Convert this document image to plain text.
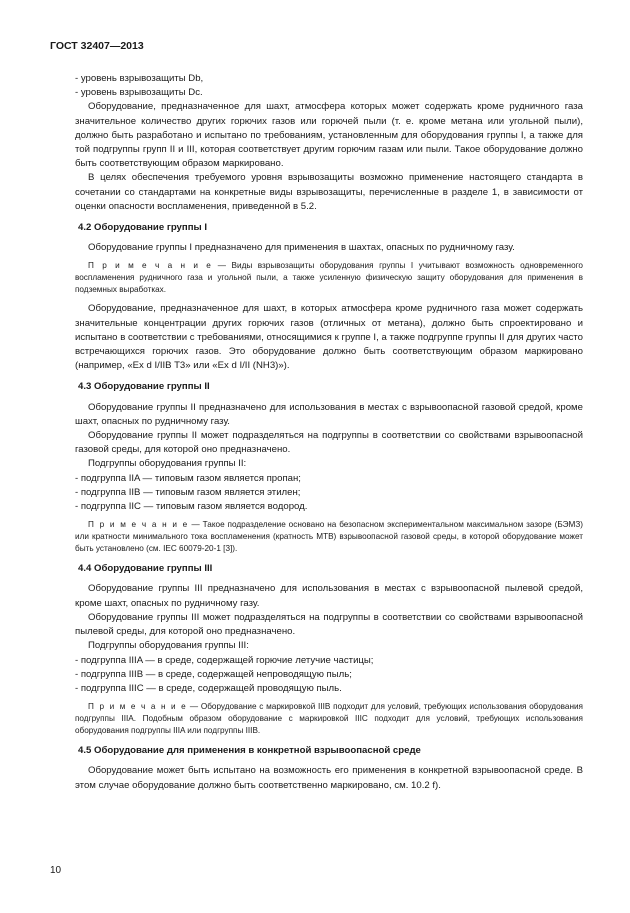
ГОСТ 32407—2013

- уровень взрывозащиты Db,

- уровень взрывозащиты Dc.

Оборудование, предназначенное для шахт, атмосфера которых может содержать кроме рудничного газа значительное количество других горючих газов или горючей пыли (т. е. кроме метана или угольной пыли), должно быть разработано и испытано по требованиям, установленным для оборудования группы I, а также для той подгруппы групп II и III, которая соответствует другим горючим газам или пыли. Такое оборудование должно быть соответствующим образом маркировано.

В целях обеспечения требуемого уровня взрывозащиты возможно применение настоящего стандарта в сочетании со стандартами на конкретные виды взрывозащиты, перечисленные в разделе 1, в зависимости от оценки опасности воспламенения, приведенной в 5.2.

4.2 Оборудование группы I

Оборудование группы I предназначено для применения в шахтах, опасных по рудничному газу.

П р и м е ч а н и е — Виды взрывозащиты оборудования группы I учитывают возможность одновременного воспламенения рудничного газа и угольной пыли, а также усиленную физическую защиту оборудования для применения в подземных выработках.

Оборудование, предназначенное для шахт, в которых атмосфера кроме рудничного газа может содержать значительные концентрации других горючих газов (отличных от метана), должно быть спроектировано и испытано в соответствии с требованиями, относящимися к группе I, а также подгруппе группы II для других часто встречающихся горючих газов. Это оборудование должно быть соответствующим образом маркировано (например, «Ex d I/IIB T3» или «Ex d I/II (NH3)»).

4.3 Оборудование группы II

Оборудование группы II предназначено для использования в местах с взрывоопасной газовой средой, кроме шахт, опасных по рудничному газу.

Оборудование группы II может подразделяться на подгруппы в соответствии со свойствами взрывоопасной газовой среды, для которой оно предназначено.

Подгруппы оборудования группы II:

- подгруппа IIA — типовым газом является пропан;

- подгруппа IIB — типовым газом является этилен;

- подгруппа IIC — типовым газом является водород.

П р и м е ч а н и е — Такое подразделение основано на безопасном экспериментальном максимальном зазоре (БЭМЗ) или кратности минимального тока воспламенения (кратность МТВ) взрывоопасной газовой среды, в которой оборудование может быть установлено (см. IEC 60079-20-1 [3]).

4.4 Оборудование группы III

Оборудование группы III предназначено для использования в местах с взрывоопасной пылевой средой, кроме шахт, опасных по рудничному газу.

Оборудование группы III может подразделяться на подгруппы в соответствии со свойствами взрывоопасной пылевой среды, для которой оно предназначено.

Подгруппы оборудования группы III:

- подгруппа IIIA — в среде, содержащей горючие летучие частицы;

- подгруппа IIIB — в среде, содержащей непроводящую пыль;

- подгруппа IIIC — в среде, содержащей проводящую пыль.

П р и м е ч а н и е — Оборудование с маркировкой IIIB подходит для условий, требующих использования оборудования подгруппы IIIA. Подобным образом оборудование с маркировкой IIIC подходит для условий, требующих использования оборудования подгруппы IIIA или подгруппы IIIB.

4.5 Оборудование для применения в конкретной взрывоопасной среде

Оборудование может быть испытано на возможность его применения в конкретной взрывоопасной среде. В этом случае оборудование должно быть соответственно маркировано, см. 10.2 f).

10
